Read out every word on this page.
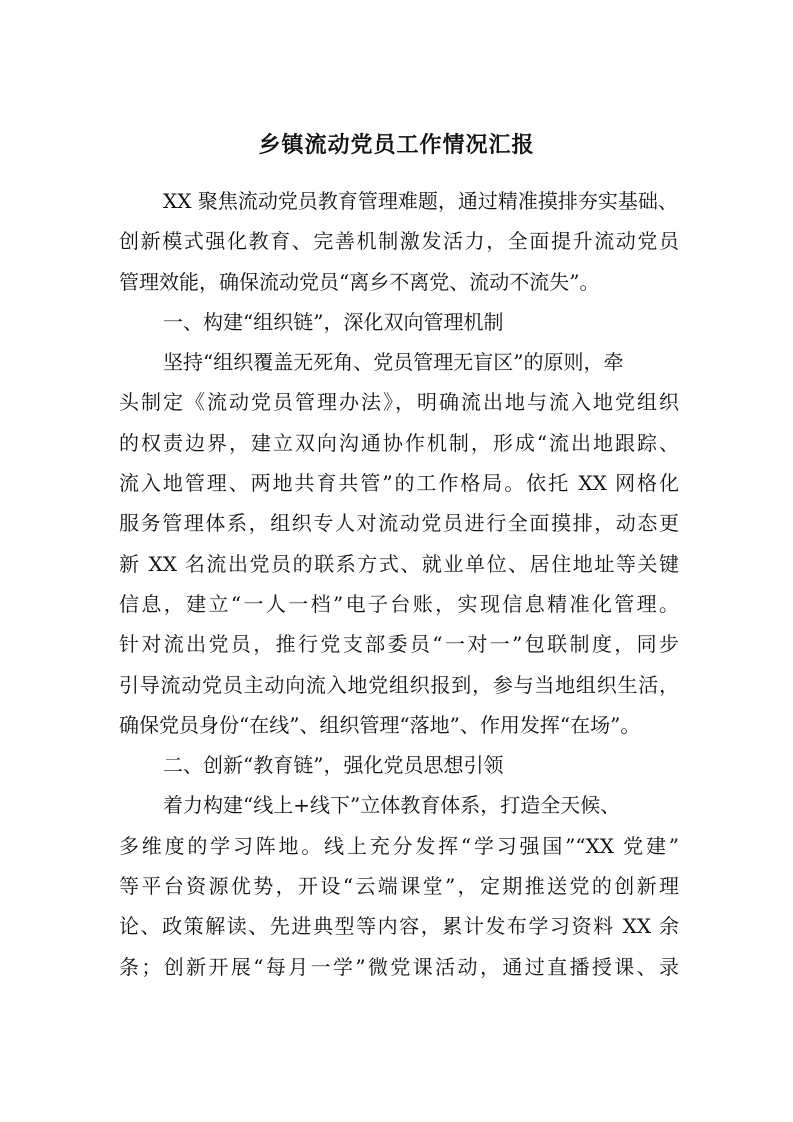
乡镇流动党员工作情况汇报
XX 聚焦流动党员教育管理难题，通过精准摸排夯实基础、
创新模式强化教育、完善机制激发活力，全面提升流动党员
管理效能，确保流动党员“离乡不离党、流动不流失”。
一、构建“组织链”，深化双向管理机制
坚持“组织覆盖无死角、党员管理无盲区”的原则，牵
头制定《流动党员管理办法》，明确流出地与流入地党组织
的权责边界，建立双向沟通协作机制，形成“流出地跟踪、
流入地管理、两地共育共管”的工作格局。依托 XX 网格化
服务管理体系，组织专人对流动党员进行全面摸排，动态更
新 XX 名流出党员的联系方式、就业单位、居住地址等关键
信息，建立“一人一档”电子台账，实现信息精准化管理。
针对流出党员，推行党支部委员“一对一”包联制度，同步
引导流动党员主动向流入地党组织报到，参与当地组织生活，
确保党员身份“在线”、组织管理“落地”、作用发挥“在场”。
二、创新“教育链”，强化党员思想引领
着力构建“线上+线下”立体教育体系，打造全天候、
多维度的学习阵地。线上充分发挥“学习强国”“XX 党建”
等平台资源优势，开设“云端课堂”，定期推送党的创新理
论、政策解读、先进典型等内容，累计发布学习资料 XX 余
条；创新开展“每月一学”微党课活动，通过直播授课、录
